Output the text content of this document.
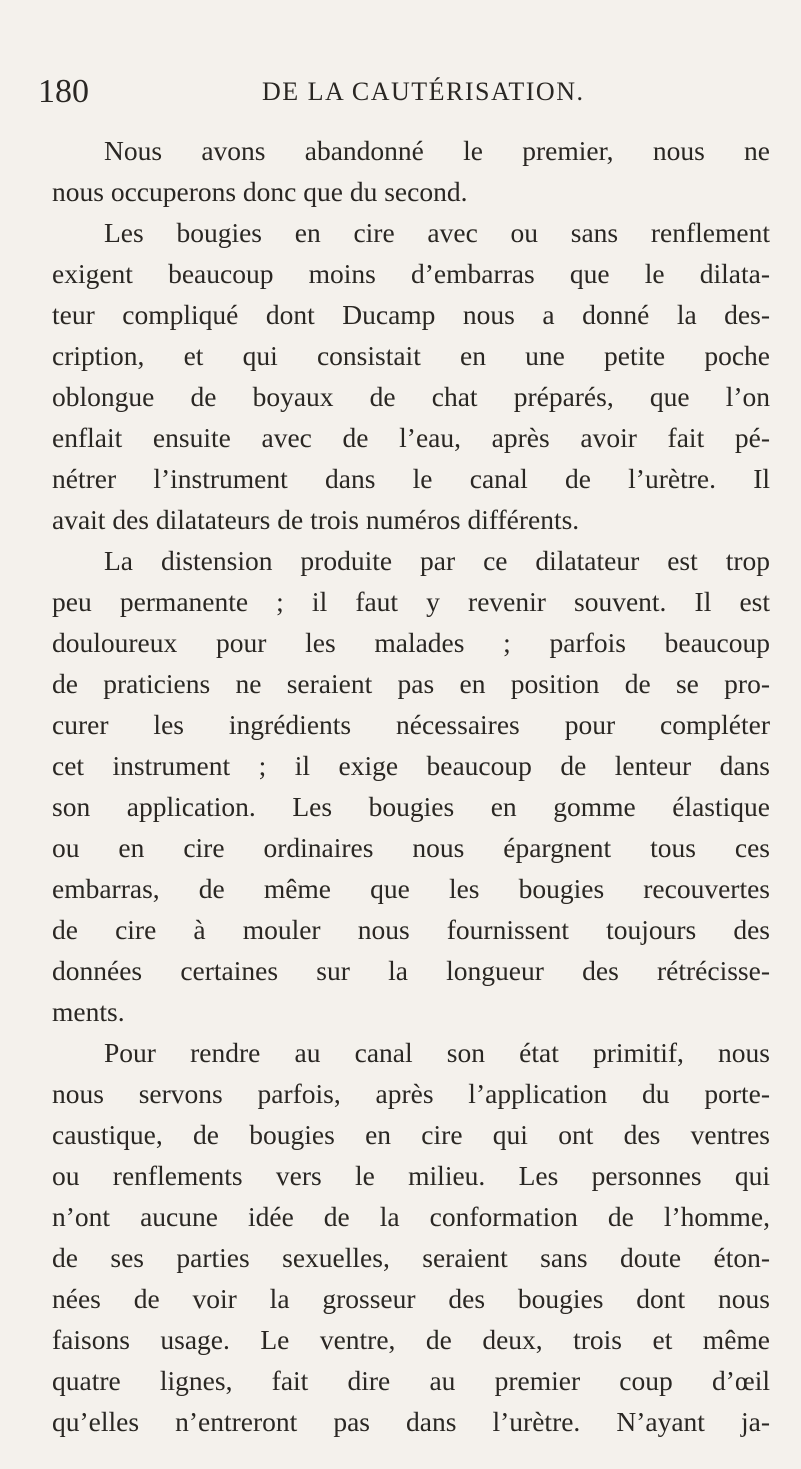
180	DE LA CAUTÉRISATION.
Nous avons abandonné le premier, nous ne
nous occuperons donc que du second.
Les bougies en cire avec ou sans renflement
exigent beaucoup moins d’embarras que le dilata-
teur compliqué dont Ducamp nous a donné la des-
cription, et qui consistait en une petite poche
oblongue de boyaux de chat préparés, que l’on
enflait ensuite avec de l’eau, après avoir fait pé-
nétrer l’instrument dans le canal de l’urètre. Il
avait des dilatateurs de trois numéros différents.
La distension produite par ce dilatateur est trop
peu permanente ; il faut y revenir souvent. Il est
douloureux pour les malades ; parfois beaucoup
de praticiens ne seraient pas en position de se pro-
curer les ingrédients nécessaires pour compléter
cet instrument ; il exige beaucoup de lenteur dans
son application. Les bougies en gomme élastique
ou en cire ordinaires nous épargnent tous ces
embarras, de même que les bougies recouvertes
de cire à mouler nous fournissent toujours des
données certaines sur la longueur des rétrécisse-
ments.
Pour rendre au canal son état primitif, nous
nous servons parfois, après l’application du porte-
caustique, de bougies en cire qui ont des ventres
ou renflements vers le milieu. Les personnes qui
n’ont aucune idée de la conformation de l’homme,
de ses parties sexuelles, seraient sans doute éton-
nées de voir la grosseur des bougies dont nous
faisons usage. Le ventre, de deux, trois et même
quatre lignes, fait dire au premier coup d’œil
qu’elles n’entreront pas dans l’urètre. N’ayant ja-
